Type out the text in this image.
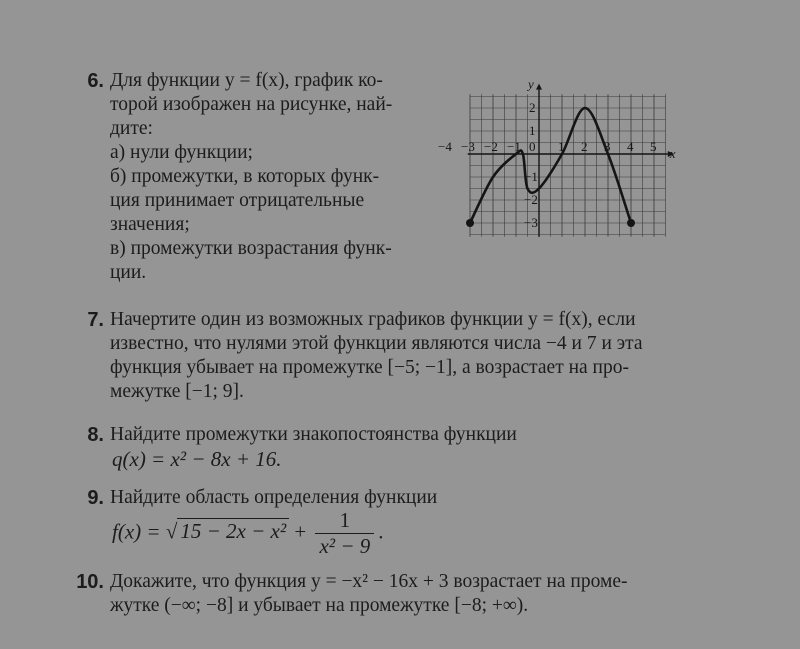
6. Для функции y = f(x), график ко-
торой изображен на рисунке, най-
дите:
а) нули функции;
б) промежутки, в которых функ-
ция принимает отрицательные
значения;
в) промежутки возрастания функ-
ции.
x
y
0
−4 −3 −2 −1	1 2 3 4 5
2
1
−1
−2
−3
7. Начертите один из возможных графиков функции y = f(x), если
известно, что нулями этой функции являются числа −4 и 7 и эта
функция убывает на промежутке [−5; −1], а возрастает на про-
межутке [−1; 9].
8. Найдите промежутки знакопостоянства функции
q(x) = x² − 8x + 16.
9. Найдите область определения функции
f(x) = √ $15 - 2x - x^2 + \frac{1}{\text{x² − 9}}$ .
10. Докажите, что функция y = −x² − 16x + 3 возрастает на проме-
жутке (−∞; −8] и убывает на промежутке [−8; +∞).
